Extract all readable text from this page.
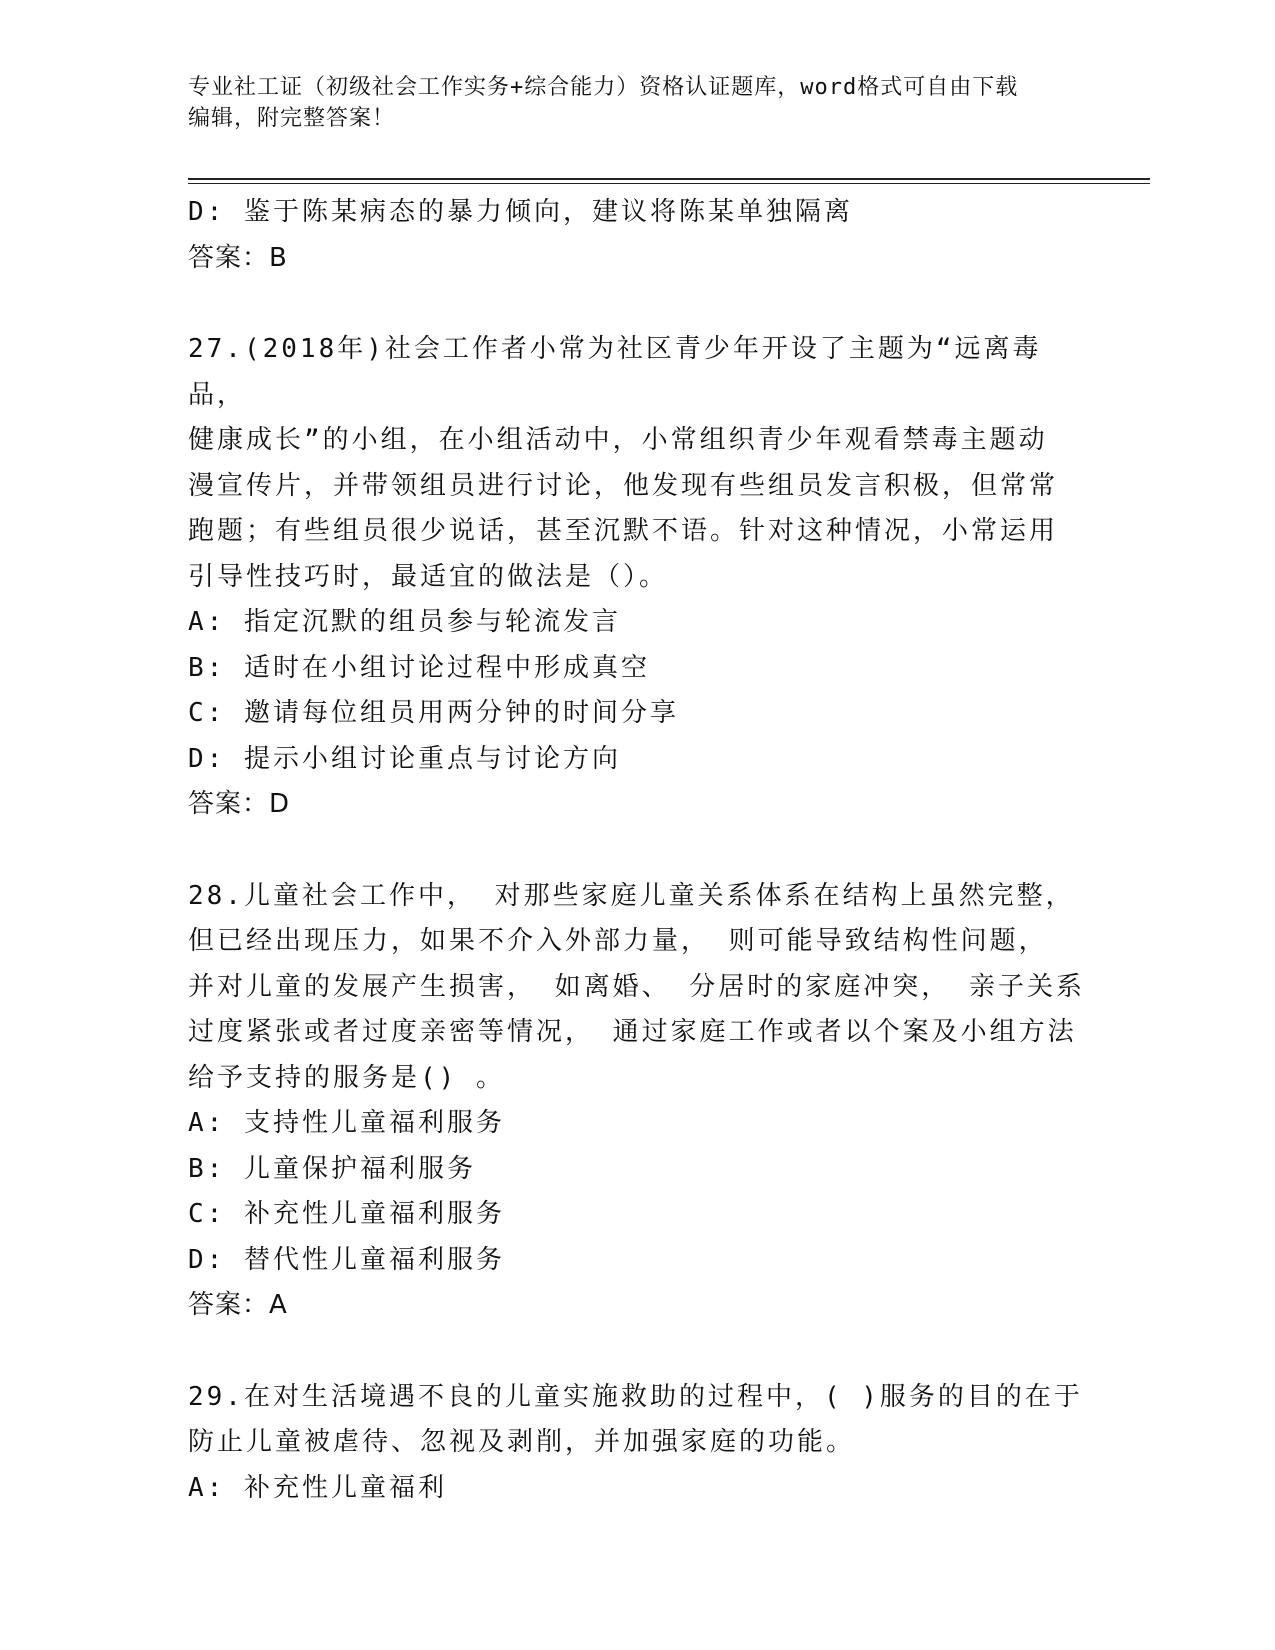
专业社工证（初级社会工作实务+综合能力）资格认证题库，word格式可自由下载
编辑，附完整答案！

D: 鉴于陈某病态的暴力倾向，建议将陈某单独隔离

答案：B

27.(2018年)社会工作者小常为社区青少年开设了主题为“远离毒品，

健康成长”的小组，在小组活动中，小常组织青少年观看禁毒主题动

漫宣传片，并带领组员进行讨论，他发现有些组员发言积极，但常常

跑题；有些组员很少说话，甚至沉默不语。针对这种情况，小常运用

引导性技巧时，最适宜的做法是（）。

A: 指定沉默的组员参与轮流发言

B: 适时在小组讨论过程中形成真空

C: 邀请每位组员用两分钟的时间分享

D: 提示小组讨论重点与讨论方向

答案：D

28.儿童社会工作中， 对那些家庭儿童关系体系在结构上虽然完整，

但已经出现压力，如果不介入外部力量， 则可能导致结构性问题，

并对儿童的发展产生损害， 如离婚、 分居时的家庭冲突， 亲子关系

过度紧张或者过度亲密等情况， 通过家庭工作或者以个案及小组方法

给予支持的服务是() 。

A: 支持性儿童福利服务

B: 儿童保护福利服务

C: 补充性儿童福利服务

D: 替代性儿童福利服务

答案：A

29.在对生活境遇不良的儿童实施救助的过程中，( )服务的目的在于

防止儿童被虐待、忽视及剥削，并加强家庭的功能。

A: 补充性儿童福利
